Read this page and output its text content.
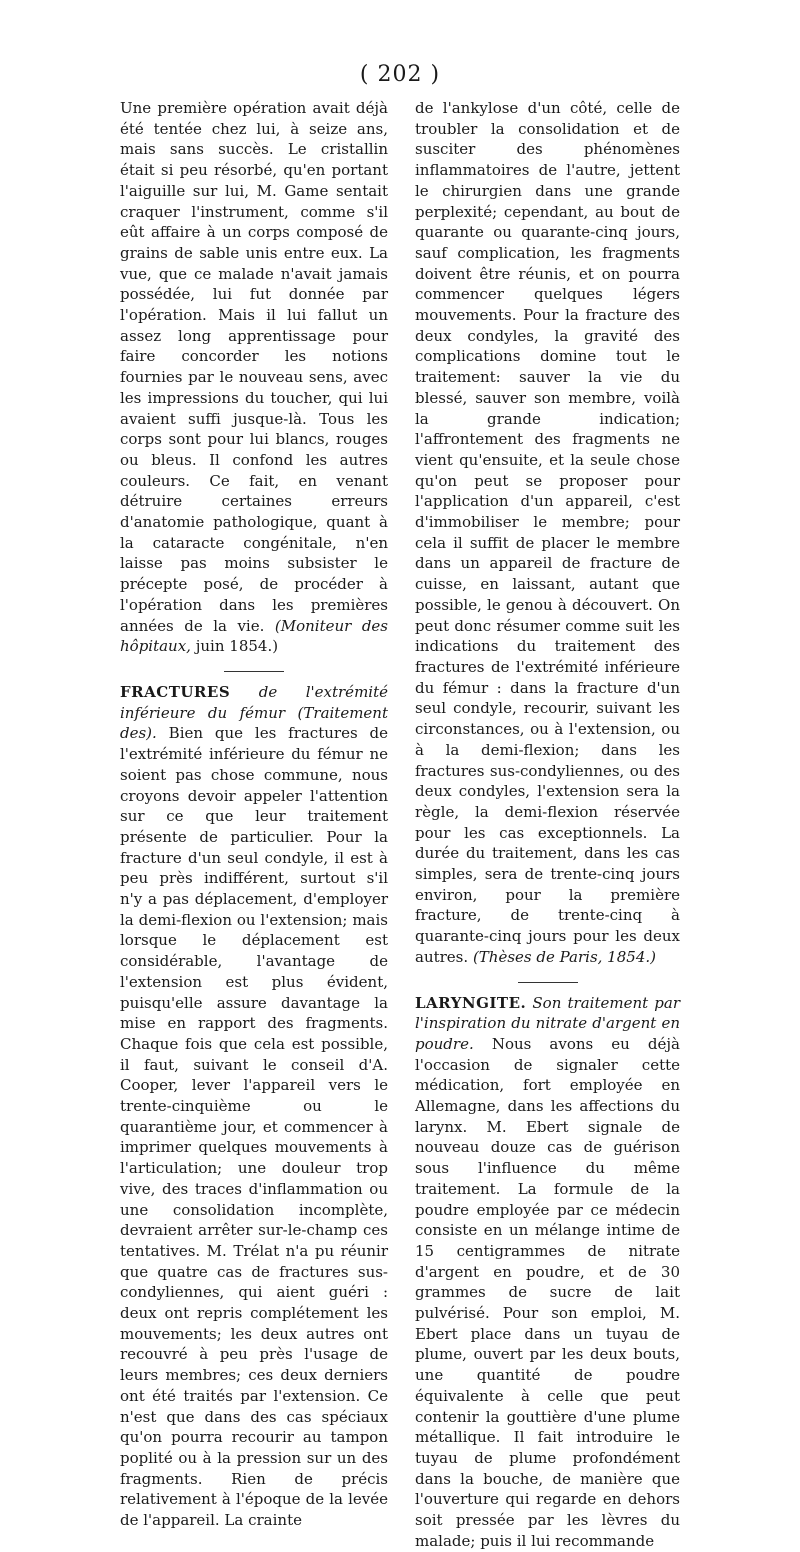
( 202 )

Une première opération avait déjà été tentée chez lui, à seize ans, mais sans succès. Le cristallin était si peu résorbé, qu'en portant l'aiguille sur lui, M. Game sentait craquer l'instrument, comme s'il eût affaire à un corps composé de grains de sable unis entre eux. La vue, que ce malade n'avait jamais possédée, lui fut donnée par l'opération. Mais il lui fallut un assez long apprentissage pour faire concorder les notions fournies par le nouveau sens, avec les impressions du toucher, qui lui avaient suffi jusque-là. Tous les corps sont pour lui blancs, rouges ou bleus. Il confond les autres couleurs. Ce fait, en venant détruire certaines erreurs d'anatomie pathologique, quant à la cataracte congénitale, n'en laisse pas moins subsister le précepte posé, de procéder à l'opération dans les premières années de la vie. (Moniteur des hôpitaux, juin 1854.)

FRACTURES de l'extrémité inférieure du fémur (Traitement des). Bien que les fractures de l'extrémité inférieure du fémur ne soient pas chose commune, nous croyons devoir appeler l'attention sur ce que leur traitement présente de particulier. Pour la fracture d'un seul condyle, il est à peu près indifférent, surtout s'il n'y a pas déplacement, d'employer la demi-flexion ou l'extension; mais lorsque le déplacement est considérable, l'avantage de l'extension est plus évident, puisqu'elle assure davantage la mise en rapport des fragments. Chaque fois que cela est possible, il faut, suivant le conseil d'A. Cooper, lever l'appareil vers le trente-cinquième ou le quarantième jour, et commencer à imprimer quelques mouvements à l'articulation; une douleur trop vive, des traces d'inflammation ou une consolidation incomplète, devraient arrêter sur-le-champ ces tentatives. M. Trélat n'a pu réunir que quatre cas de fractures sus-condyliennes, qui aient guéri : deux ont repris complétement les mouvements; les deux autres ont recouvré à peu près l'usage de leurs membres; ces deux derniers ont été traités par l'extension. Ce n'est que dans des cas spéciaux qu'on pourra recourir au tampon poplité ou à la pression sur un des fragments. Rien de précis relativement à l'époque de la levée de l'appareil. La crainte

de l'ankylose d'un côté, celle de troubler la consolidation et de susciter des phénomènes inflammatoires de l'autre, jettent le chirurgien dans une grande perplexité; cependant, au bout de quarante ou quarante-cinq jours, sauf complication, les fragments doivent être réunis, et on pourra commencer quelques légers mouvements. Pour la fracture des deux condyles, la gravité des complications domine tout le traitement: sauver la vie du blessé, sauver son membre, voilà la grande indication; l'affrontement des fragments ne vient qu'ensuite, et la seule chose qu'on peut se proposer pour l'application d'un appareil, c'est d'immobiliser le membre; pour cela il suffit de placer le membre dans un appareil de fracture de cuisse, en laissant, autant que possible, le genou à découvert. On peut donc résumer comme suit les indications du traitement des fractures de l'extrémité inférieure du fémur : dans la fracture d'un seul condyle, recourir, suivant les circonstances, ou à l'extension, ou à la demi-flexion; dans les fractures sus-condyliennes, ou des deux condyles, l'extension sera la règle, la demi-flexion réservée pour les cas exceptionnels. La durée du traitement, dans les cas simples, sera de trente-cinq jours environ, pour la première fracture, de trente-cinq à quarante-cinq jours pour les deux autres. (Thèses de Paris, 1854.)

LARYNGITE. Son traitement par l'inspiration du nitrate d'argent en poudre. Nous avons eu déjà l'occasion de signaler cette médication, fort employée en Allemagne, dans les affections du larynx. M. Ebert signale de nouveau douze cas de guérison sous l'influence du même traitement. La formule de la poudre employée par ce médecin consiste en un mélange intime de 15 centigrammes de nitrate d'argent en poudre, et de 30 grammes de sucre de lait pulvérisé. Pour son emploi, M. Ebert place dans un tuyau de plume, ouvert par les deux bouts, une quantité de poudre équivalente à celle que peut contenir la gouttière d'une plume métallique. Il fait introduire le tuyau de plume profondément dans la bouche, de manière que l'ouverture qui regarde en dehors soit pressée par les lèvres du malade; puis il lui recommande
